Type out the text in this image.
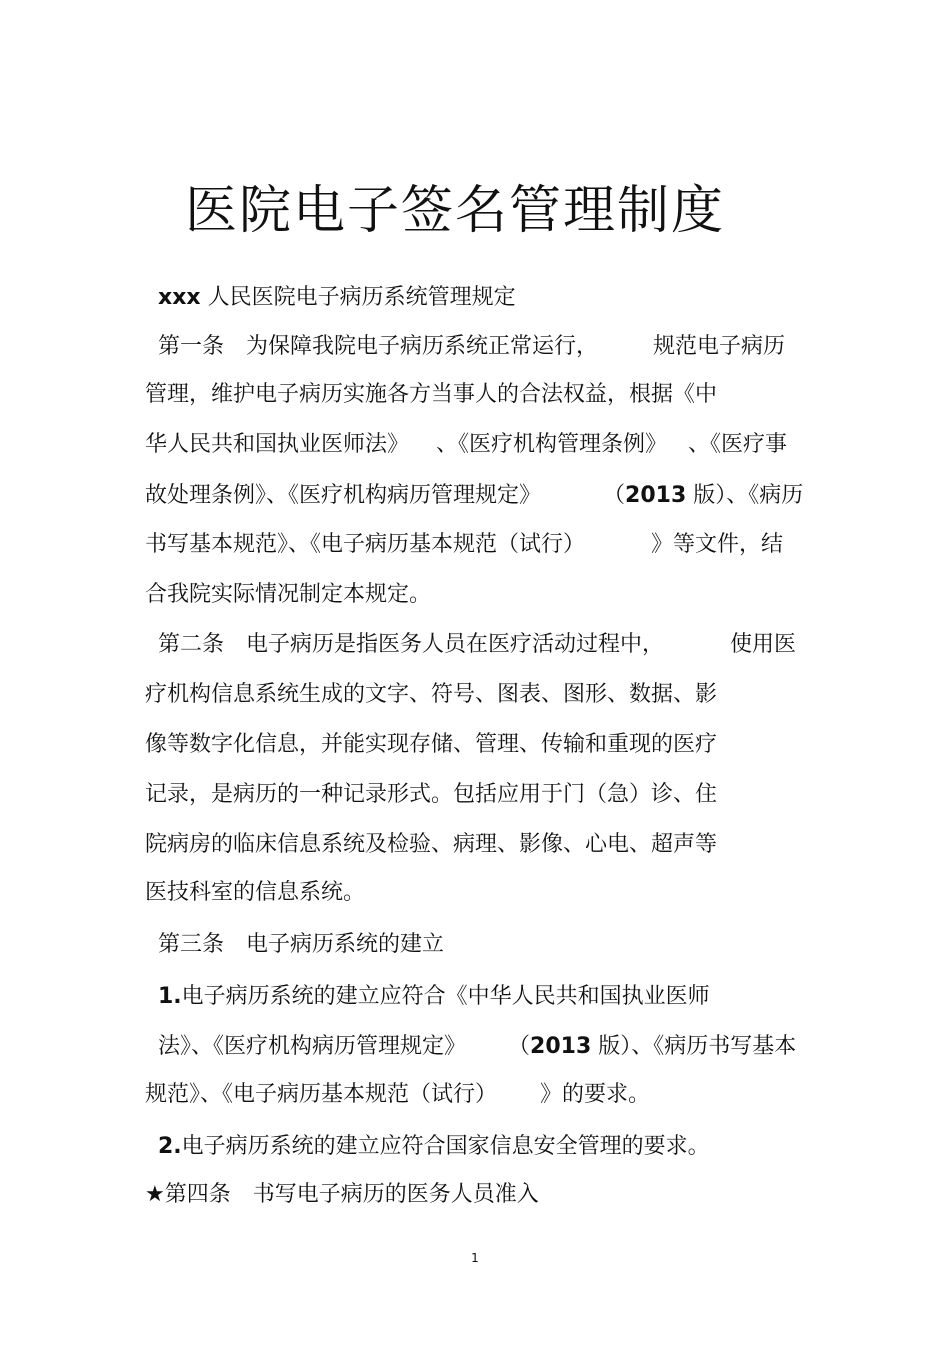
医院电子签名管理制度
xxx 人民医院电子病历系统管理规定
第一条　为保障我院电子病历系统正常运行， 规范电子病历
管理，维护电子病历实施各方当事人的合法权益，根据《中
华人民共和国执业医师法》 、《医疗机构管理条例》 、《医疗事
故处理条例》、《医疗机构病历管理规定》	（2013 版）、《病历
书写基本规范》、《电子病历基本规范（试行）	》等文件，结
合我院实际情况制定本规定。
第二条　电子病历是指医务人员在医疗活动过程中，	使用医
疗机构信息系统生成的文字、符号、图表、图形、数据、影
像等数字化信息，并能实现存储、管理、传输和重现的医疗
记录，是病历的一种记录形式。包括应用于门（急）诊、住
院病房的临床信息系统及检验、病理、影像、心电、超声等
医技科室的信息系统。
第三条　电子病历系统的建立
1.电子病历系统的建立应符合《中华人民共和国执业医师
法》、《医疗机构病历管理规定》 （2013 版）、《病历书写基本
规范》、《电子病历基本规范（试行） 》的要求。
2.电子病历系统的建立应符合国家信息安全管理的要求。
★第四条　书写电子病历的医务人员准入
1
